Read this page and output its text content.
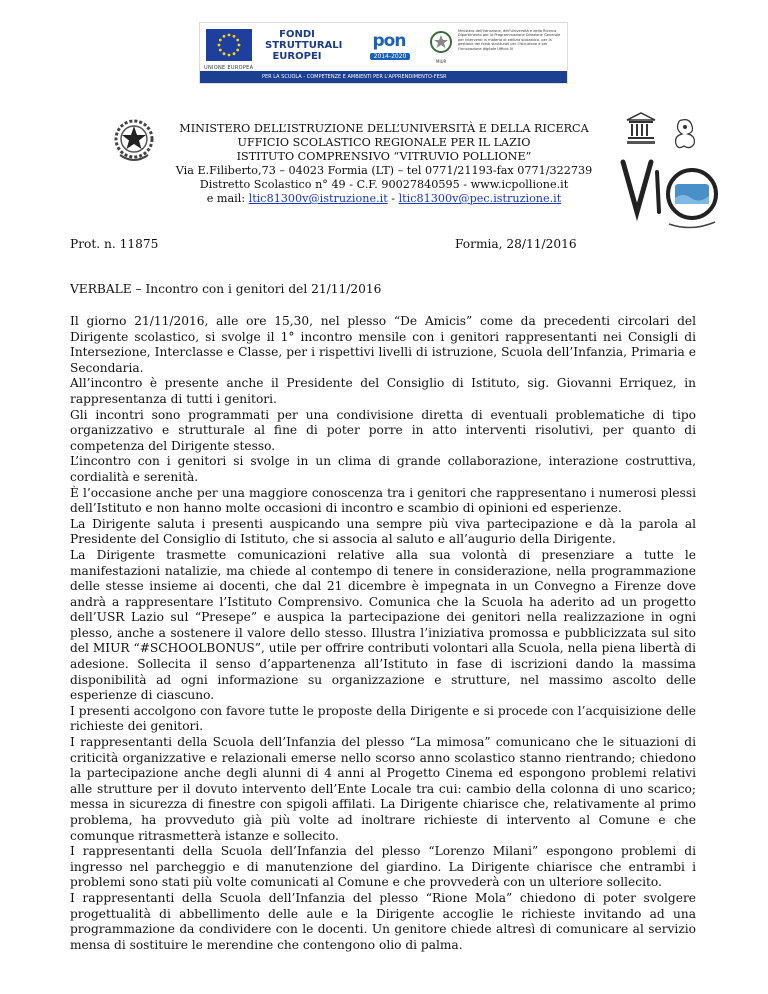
UNIONE EUROPEA
FONDI STRUTTURALI EUROPEI
pon
2014-2020
Ministero dell'Istruzione, dell'Università e della Ricerca Dipartimento per la Programmazione Direzione Generale per interventi in materia di edilizia scolastica, per la gestione dei fondi strutturali per l'istruzione e per l'innovazione digitale Ufficio IV
MIUR
PER LA SCUOLA - COMPETENZE E AMBIENTI PER L'APPRENDIMENTO-FESR
MINISTERO DELL’ISTRUZIONE DELL’UNIVERSITÀ E DELLA RICERCA
UFFICIO SCOLASTICO REGIONALE PER IL LAZIO
ISTITUTO COMPRENSIVO “VITRUVIO POLLIONE”
Via E.Filiberto,73 – 04023 Formia (LT) – tel 0771/21193-fax 0771/322739
Distretto Scolastico n° 49 - C.F. 90027840595 - www.icpollione.it
e mail: ltic81300v@istruzione.it - ltic81300v@pec.istruzione.it
Prot. n. 11875	Formia, 28/11/2016
VERBALE – Incontro con i genitori del 21/11/2016

Il giorno 21/11/2016, alle ore 15,30, nel plesso “De Amicis” come da precedenti circolari del Dirigente scolastico, si svolge il 1° incontro mensile con i genitori rappresentanti nei Consigli di Intersezione, Interclasse e Classe, per i rispettivi livelli di istruzione, Scuola dell’Infanzia, Primaria e Secondaria.

All’incontro è presente anche il Presidente del Consiglio di Istituto, sig. Giovanni Erriquez, in rappresentanza di tutti i genitori.

Gli incontri sono programmati per una condivisione diretta di eventuali problematiche di tipo organizzativo e strutturale al fine di poter porre in atto interventi risolutivi, per quanto di competenza del Dirigente stesso.

L’incontro con i genitori si svolge in un clima di grande collaborazione, interazione costruttiva, cordialità e serenità.

È l’occasione anche per una maggiore conoscenza tra i genitori che rappresentano i numerosi plessi dell’Istituto e non hanno molte occasioni di incontro e scambio di opinioni ed esperienze.

La Dirigente saluta i presenti auspicando una sempre più viva partecipazione e dà la parola al Presidente del Consiglio di Istituto, che si associa al saluto e all’augurio della Dirigente.

La Dirigente trasmette comunicazioni relative alla sua volontà di presenziare a tutte le manifestazioni natalizie, ma chiede al contempo di tenere in considerazione, nella programmazione delle stesse insieme ai docenti, che dal 21 dicembre è impegnata in un Convegno a Firenze dove andrà a rappresentare l’Istituto Comprensivo. Comunica che la Scuola ha aderito ad un progetto dell’USR Lazio sul “Presepe” e auspica la partecipazione dei genitori nella realizzazione in ogni plesso, anche a sostenere il valore dello stesso. Illustra l’iniziativa promossa e pubblicizzata sul sito del MIUR “#SCHOOLBONUS”, utile per offrire contributi volontari alla Scuola, nella piena libertà di adesione. Sollecita il senso d’appartenenza all’Istituto in fase di iscrizioni dando la massima disponibilità ad ogni informazione su organizzazione e strutture, nel massimo ascolto delle esperienze di ciascuno.

I presenti accolgono con favore tutte le proposte della Dirigente e si procede con l’acquisizione delle richieste dei genitori.

I rappresentanti della Scuola dell’Infanzia del plesso “La mimosa” comunicano che le situazioni di criticità organizzative e relazionali emerse nello scorso anno scolastico stanno rientrando; chiedono la partecipazione anche degli alunni di 4 anni al Progetto Cinema ed espongono problemi relativi alle strutture per il dovuto intervento dell’Ente Locale tra cui: cambio della colonna di uno scarico; messa in sicurezza di finestre con spigoli affilati. La Dirigente chiarisce che, relativamente al primo problema, ha provveduto già più volte ad inoltrare richieste di intervento al Comune e che comunque ritrasmetterà istanze e sollecito.

I rappresentanti della Scuola dell’Infanzia del plesso “Lorenzo Milani” espongono problemi di ingresso nel parcheggio e di manutenzione del giardino. La Dirigente chiarisce che entrambi i problemi sono stati più volte comunicati al Comune e che provvederà con un ulteriore sollecito.

I rappresentanti della Scuola dell’Infanzia del plesso “Rione Mola” chiedono di poter svolgere progettualità di abbellimento delle aule e la Dirigente accoglie le richieste invitando ad una programmazione da condividere con le docenti. Un genitore chiede altresì di comunicare al servizio mensa di sostituire le merendine che contengono olio di palma.
